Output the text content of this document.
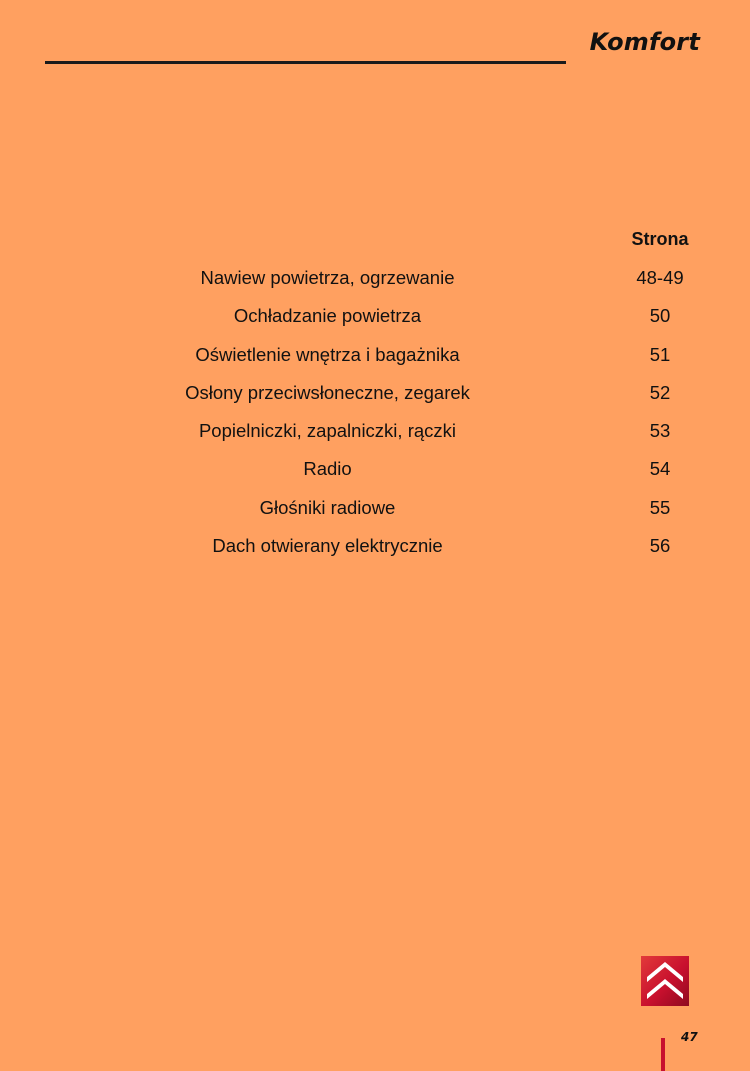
Komfort
Strona
Nawiew powietrza, ogrzewanie	48-49
Ochładzanie powietrza	50
Oświetlenie wnętrza i bagażnika	51
Osłony przeciwsłoneczne, zegarek	52
Popielniczki, zapalniczki, rączki	53
Radio	54
Głośniki radiowe	55
Dach otwierany elektrycznie	56
47
